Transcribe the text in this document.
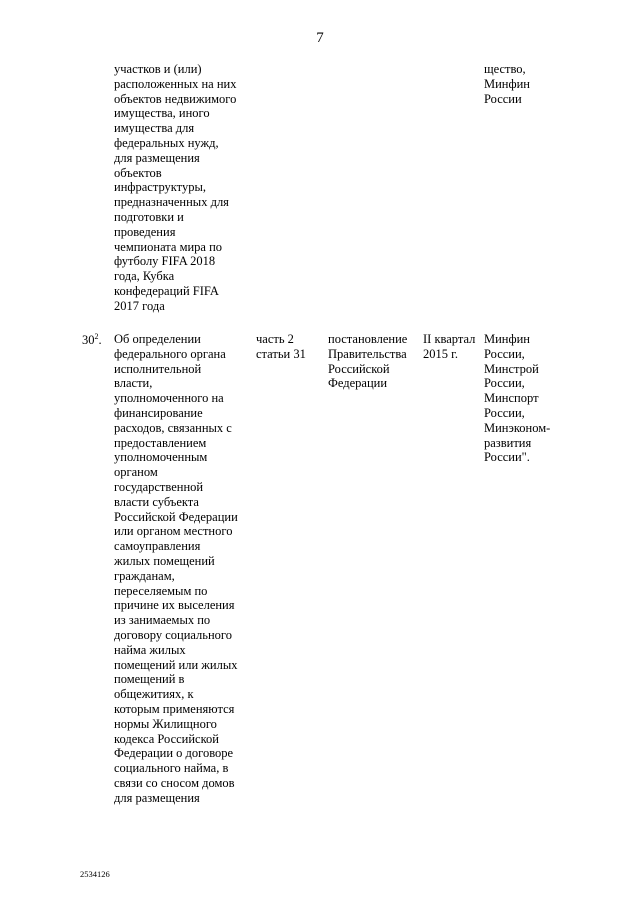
7
участков и (или)
расположенных на них
объектов недвижимого
имущества, иного
имущества для
федеральных нужд,
для размещения
объектов
инфраструктуры,
предназначенных для
подготовки и
проведения
чемпионата мира по
футболу FIFA 2018
года, Кубка
конфедераций FIFA
2017 года
щество,
Минфин
России
$30^2$. Об определении
федерального органа
исполнительной
власти,
уполномоченного на
финансирование
расходов, связанных с
предоставлением
уполномоченным
органом
государственной
власти субъекта
Российской Федерации
или органом местного
самоуправления
жилых помещений
гражданам,
переселяемым по
причине их выселения
из занимаемых по
договору социального
найма жилых
помещений или жилых
помещений в
общежитиях, к
которым применяются
нормы Жилищного
кодекса Российской
Федерации о договоре
социального найма, в
связи со сносом домов
для размещения
часть 2
статьи 31
постановление
Правительства
Российской
Федерации
II квартал
2015 г.
Минфин
России,
Минстрой
России,
Минспорт
России,
Минэконом-
развития
России".
2534126
